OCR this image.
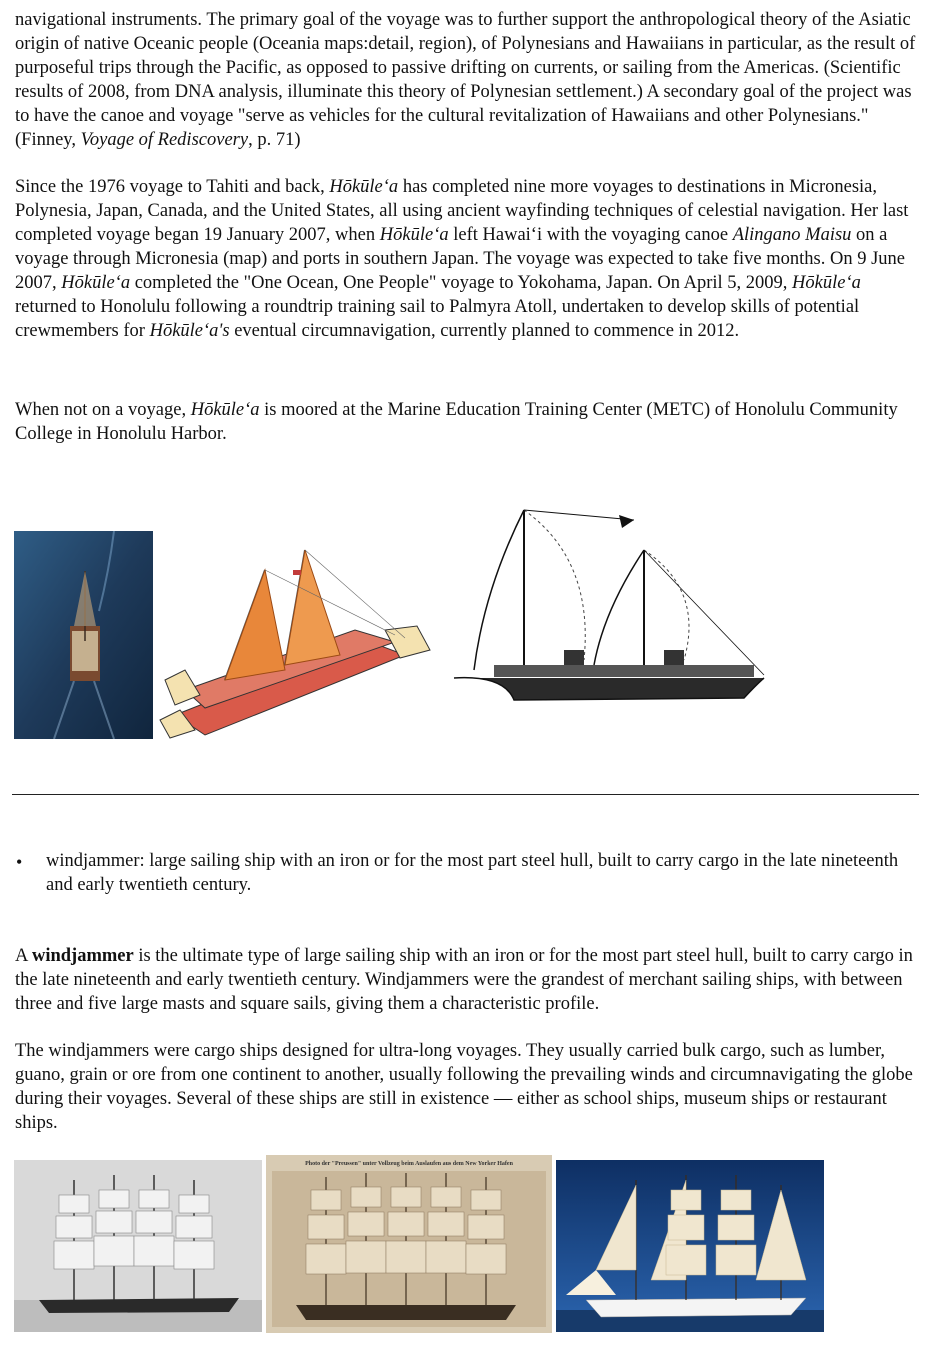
navigational instruments. The primary goal of the voyage was to further support the anthropological theory of the Asiatic origin of native Oceanic people (Oceania maps:detail, region), of Polynesians and Hawaiians in particular, as the result of purposeful trips through the Pacific, as opposed to passive drifting on currents, or sailing from the Americas. (Scientific results of 2008, from DNA analysis, illuminate this theory of Polynesian settlement.) A secondary goal of the project was to have the canoe and voyage "serve as vehicles for the cultural revitalization of Hawaiians and other Polynesians." (Finney, Voyage of Rediscovery, p. 71)

Since the 1976 voyage to Tahiti and back, Hōkūle‘a has completed nine more voyages to destinations in Micronesia, Polynesia, Japan, Canada, and the United States, all using ancient wayfinding techniques of celestial navigation. Her last completed voyage began 19 January 2007, when Hōkūle‘a left Hawai‘i with the voyaging canoe Alingano Maisu on a voyage through Micronesia (map) and ports in southern Japan. The voyage was expected to take five months. On 9 June 2007, Hōkūle‘a completed the "One Ocean, One People" voyage to Yokohama, Japan. On April 5, 2009, Hōkūle‘a returned to Honolulu following a roundtrip training sail to Palmyra Atoll, undertaken to develop skills of potential crewmembers for Hōkūle‘a's eventual circumnavigation, currently planned to commence in 2012.

When not on a voyage, Hōkūle‘a is moored at the Marine Education Training Center (METC) of Honolulu Community College in Honolulu Harbor.

• windjammer: large sailing ship with an iron or for the most part steel hull, built to carry cargo in the late nineteenth and early twentieth century.

A windjammer is the ultimate type of large sailing ship with an iron or for the most part steel hull, built to carry cargo in the late nineteenth and early twentieth century. Windjammers were the grandest of merchant sailing ships, with between three and five large masts and square sails, giving them a characteristic profile.

The windjammers were cargo ships designed for ultra-long voyages. They usually carried bulk cargo, such as lumber, guano, grain or ore from one continent to another, usually following the prevailing winds and circumnavigating the globe during their voyages. Several of these ships are still in existence — either as school ships, museum ships or restaurant ships.

Photo der "Preussen" unter Vollzeug beim Auslaufen aus dem New Yorker Hafen
